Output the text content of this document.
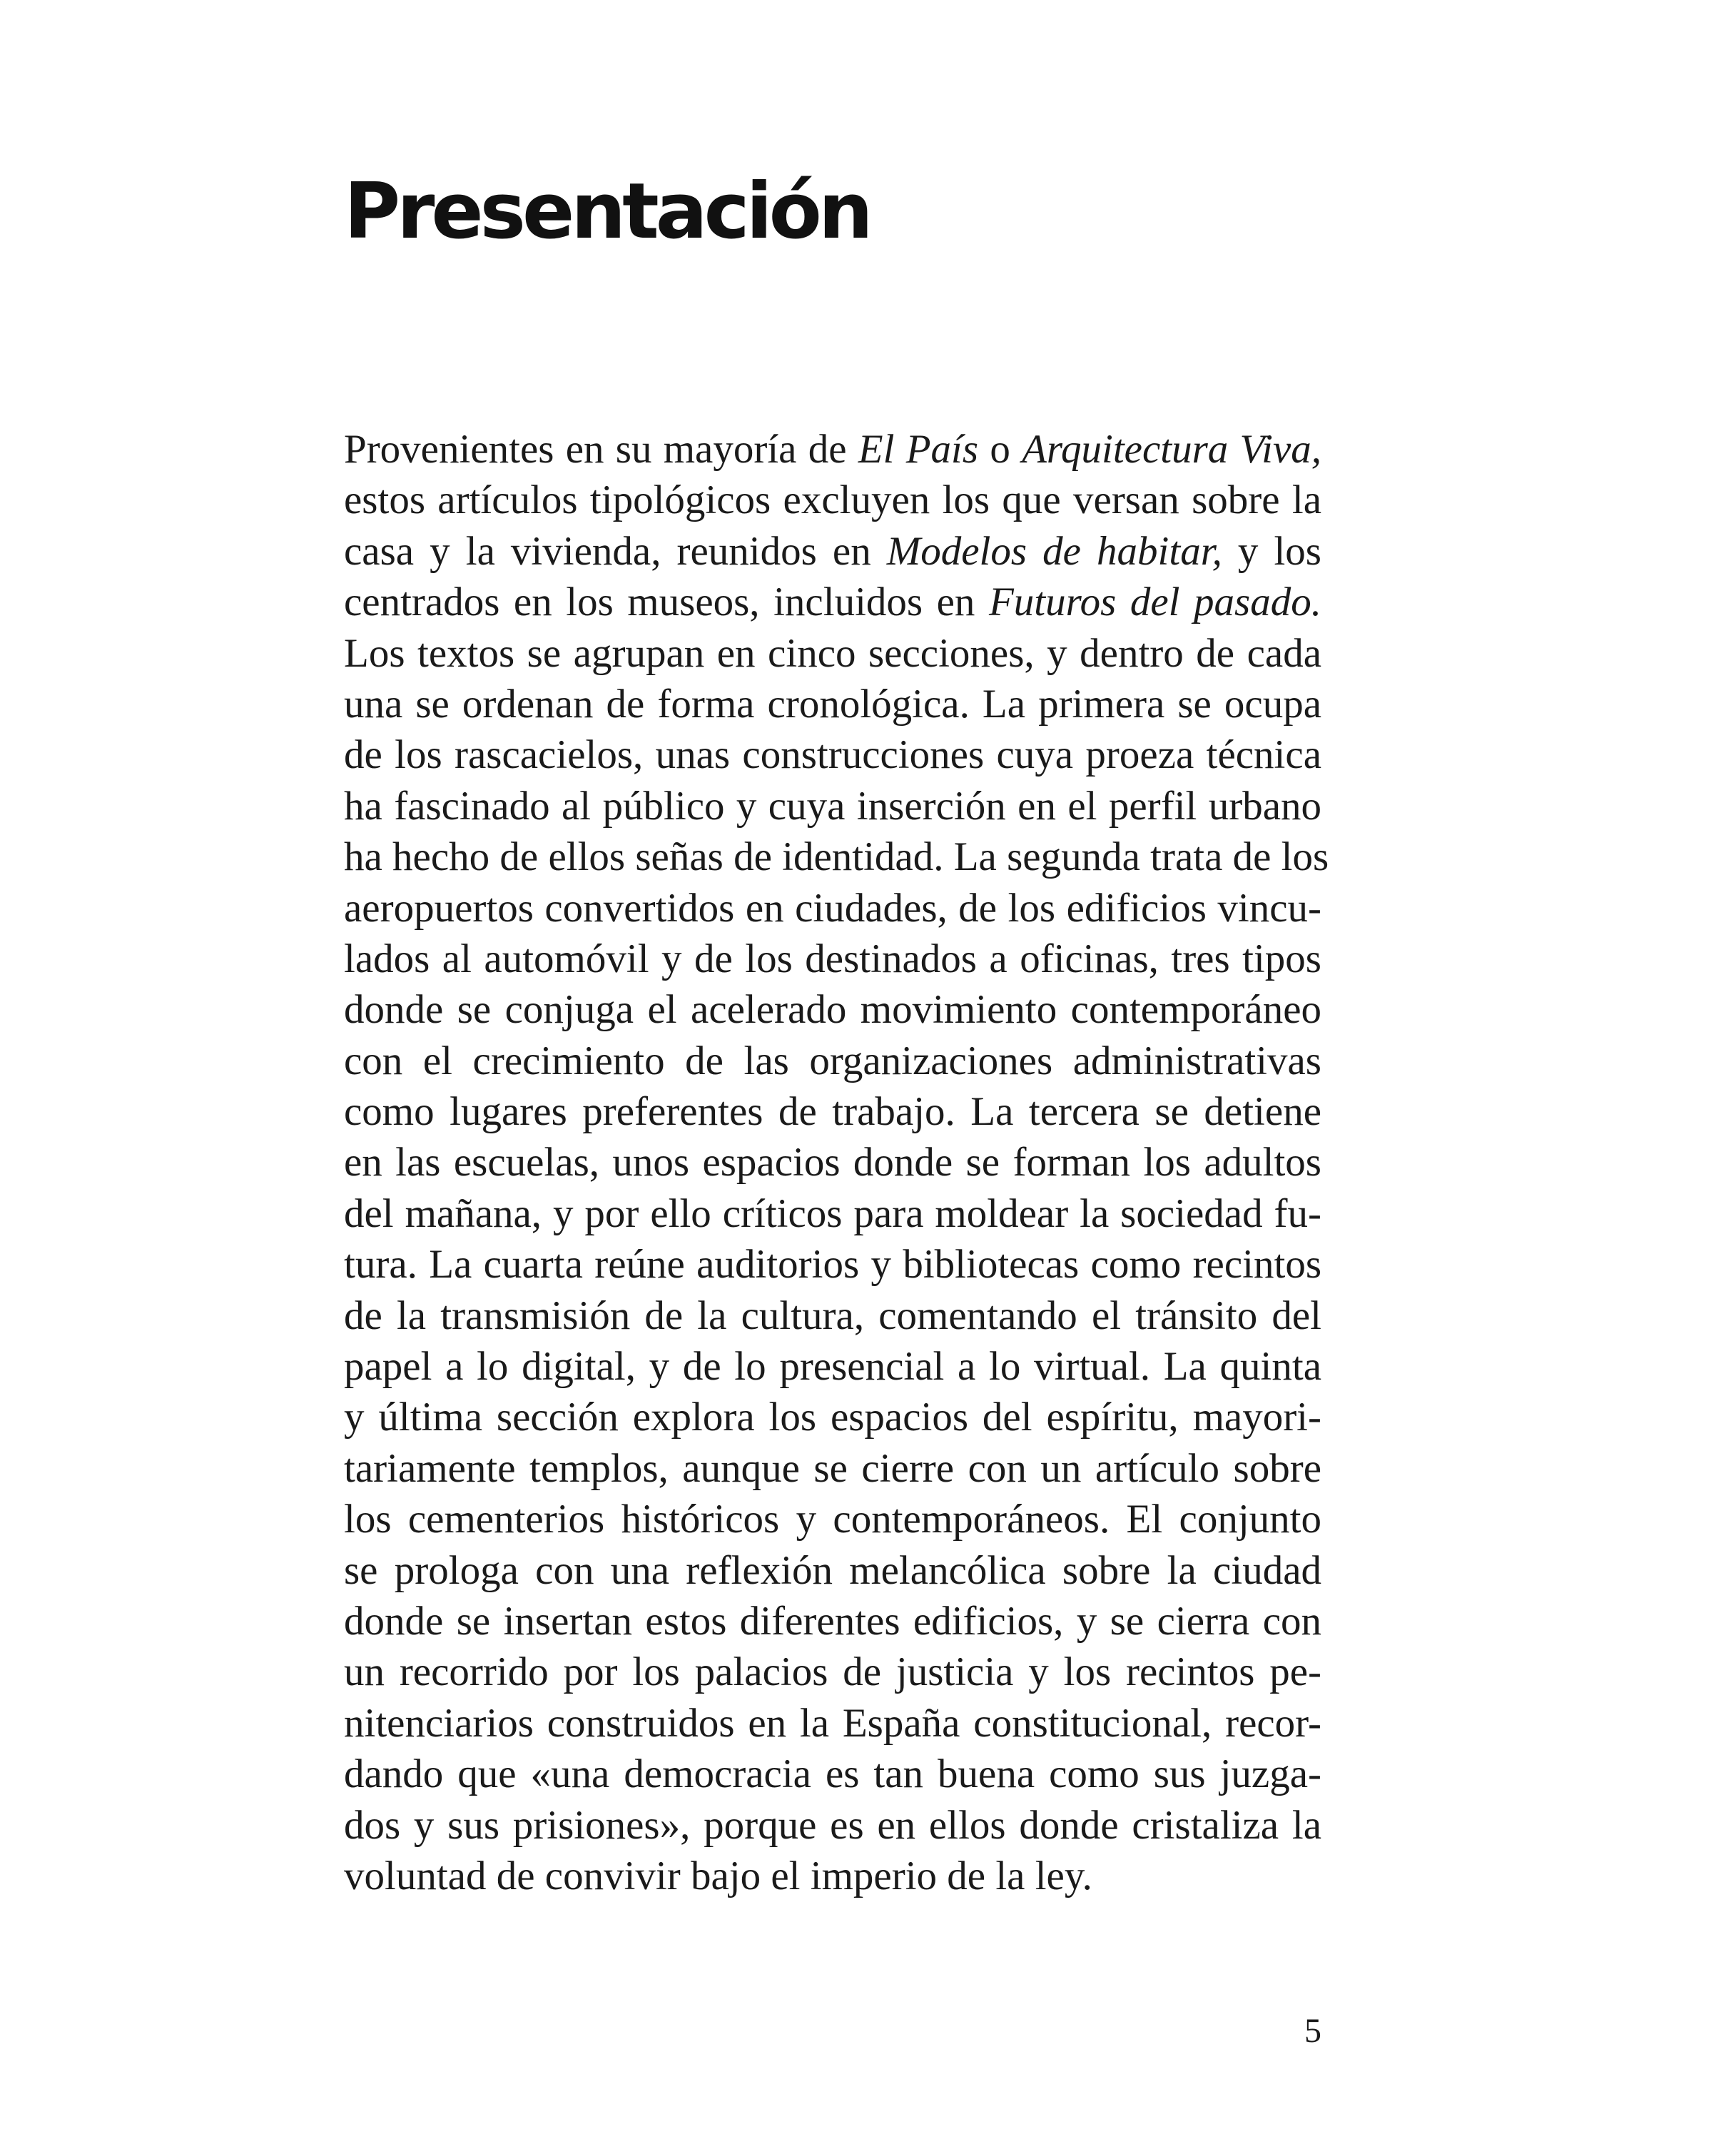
Presentación

Provenientes en su mayoría de El País o Arquitectura Viva,
estos artículos tipológicos excluyen los que versan sobre la
casa y la vivienda, reunidos en Modelos de habitar, y los
centrados en los museos, incluidos en Futuros del pasado.
Los textos se agrupan en cinco secciones, y dentro de cada
una se ordenan de forma cronológica. La primera se ocupa
de los rascacielos, unas construcciones cuya proeza técnica
ha fascinado al público y cuya inserción en el perfil urbano
ha hecho de ellos señas de identidad. La segunda trata de los
aeropuertos convertidos en ciudades, de los edificios vincu-
lados al automóvil y de los destinados a oficinas, tres tipos
donde se conjuga el acelerado movimiento contemporáneo
con el crecimiento de las organizaciones administrativas
como lugares preferentes de trabajo. La tercera se detiene
en las escuelas, unos espacios donde se forman los adultos
del mañana, y por ello críticos para moldear la sociedad fu-
tura. La cuarta reúne auditorios y bibliotecas como recintos
de la transmisión de la cultura, comentando el tránsito del
papel a lo digital, y de lo presencial a lo virtual. La quinta
y última sección explora los espacios del espíritu, mayori-
tariamente templos, aunque se cierre con un artículo sobre
los cementerios históricos y contemporáneos. El conjunto
se prologa con una reflexión melancólica sobre la ciudad
donde se insertan estos diferentes edificios, y se cierra con
un recorrido por los palacios de justicia y los recintos pe-
nitenciarios construidos en la España constitucional, recor-
dando que «una democracia es tan buena como sus juzga-
dos y sus prisiones», porque es en ellos donde cristaliza la
voluntad de convivir bajo el imperio de la ley.

5
